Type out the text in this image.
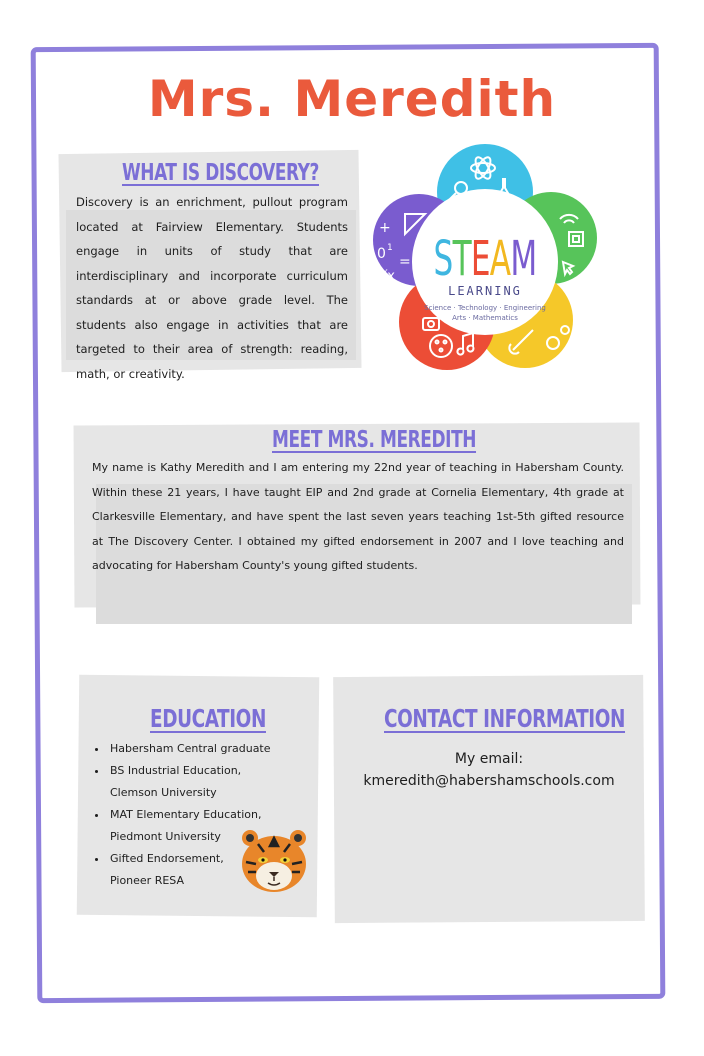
Mrs. Meredith
WHAT IS DISCOVERY?
Discovery is an enrichment, pullout program located at Fairview Elementary. Students engage in units of study that are interdisciplinary and incorporate curriculum standards at or above grade level. The students also engage in activities that are targeted to their area of strength: reading, math, or creativity.
+
0 1
=
√x STEAM
LEARNING
Science · Technology · Engineering
Arts · Mathematics
MEET MRS. MEREDITH
My name is Kathy Meredith and I am entering my 22nd year of teaching in Habersham County. Within these 21 years, I have taught EIP and 2nd grade at Cornelia Elementary, 4th grade at Clarkesville Elementary, and have spent the last seven years teaching 1st-5th gifted resource at The Discovery Center. I obtained my gifted endorsement in 2007 and I love teaching and advocating for Habersham County's young gifted students.
EDUCATION
• Habersham Central graduate
• BS Industrial Education,
Clemson University
• MAT Elementary Education,
Piedmont University
• Gifted Endorsement,
Pioneer RESA
CONTACT INFORMATION
My email:
kmeredith@habershamschools.com
